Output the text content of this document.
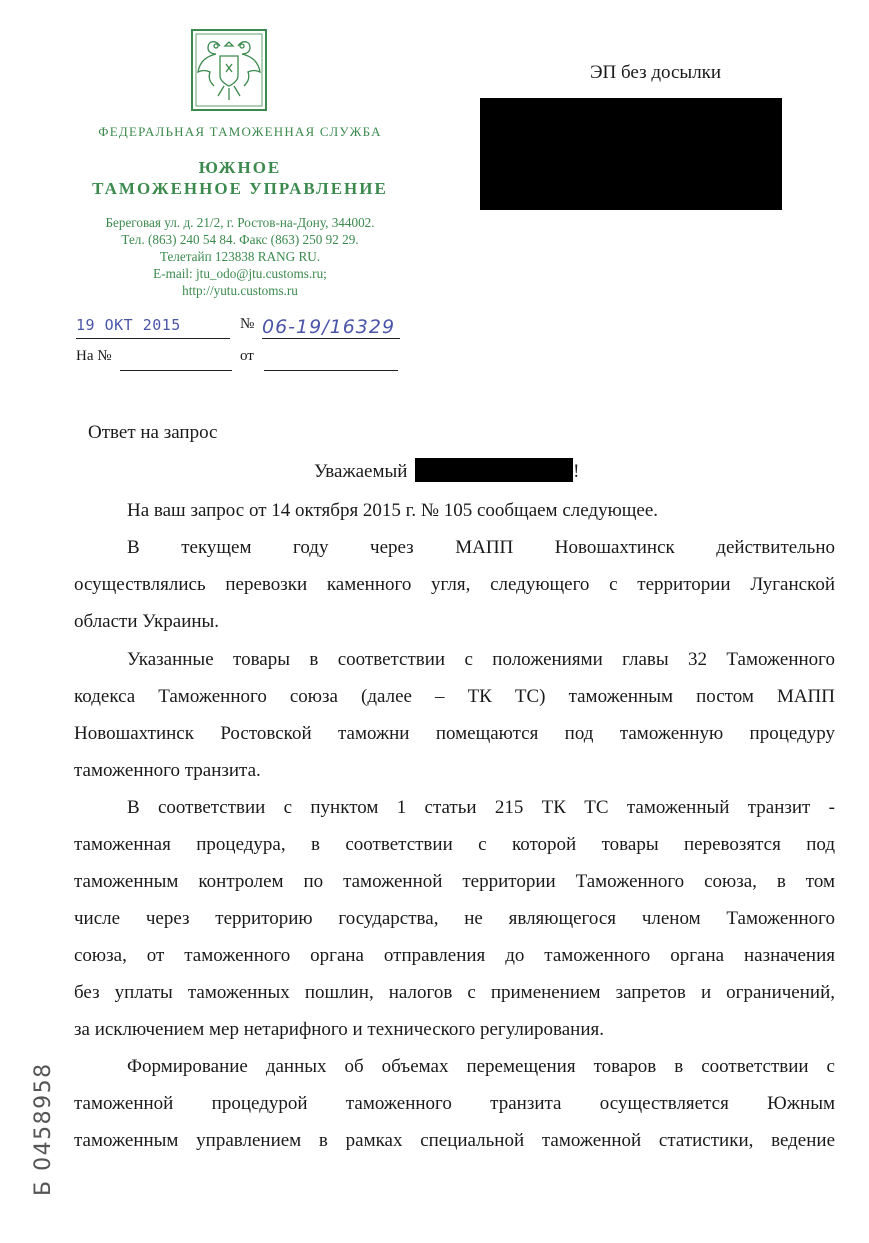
ФЕДЕРАЛЬНАЯ ТАМОЖЕННАЯ СЛУЖБА
ЮЖНОЕ
ТАМОЖЕННОЕ УПРАВЛЕНИЕ
Береговая ул. д. 21/2, г. Ростов-на-Дону, 344002.
Тел. (863) 240 54 84. Факс (863) 250 92 29.
Телетайп 123838 RANG RU.
E-mail: jtu_odo@jtu.customs.ru;
http://yutu.customs.ru
19 ОКТ 2015	№ 06-19/16329
На №	от
ЭП без досылки
Ответ на запрос
Уважаемый	!
На ваш запрос от 14 октября 2015 г. № 105 сообщаем следующее.
В текущем году через МАПП Новошахтинск действительно
осуществлялись перевозки каменного угля, следующего с территории Луганской
области Украины.
Указанные товары в соответствии с положениями главы 32 Таможенного
кодекса Таможенного союза (далее – ТК ТС) таможенным постом МАПП
Новошахтинск Ростовской таможни помещаются под таможенную процедуру
таможенного транзита.
В соответствии с пунктом 1 статьи 215 ТК ТС таможенный транзит -
таможенная процедура, в соответствии с которой товары перевозятся под
таможенным контролем по таможенной территории Таможенного союза, в том
числе через территорию государства, не являющегося членом Таможенного
союза, от таможенного органа отправления до таможенного органа назначения
без уплаты таможенных пошлин, налогов с применением запретов и ограничений,
за исключением мер нетарифного и технического регулирования.
Формирование данных об объемах перемещения товаров в соответствии с
таможенной процедурой таможенного транзита осуществляется Южным
таможенным управлением в рамках специальной таможенной статистики, ведение
Б 0458958
